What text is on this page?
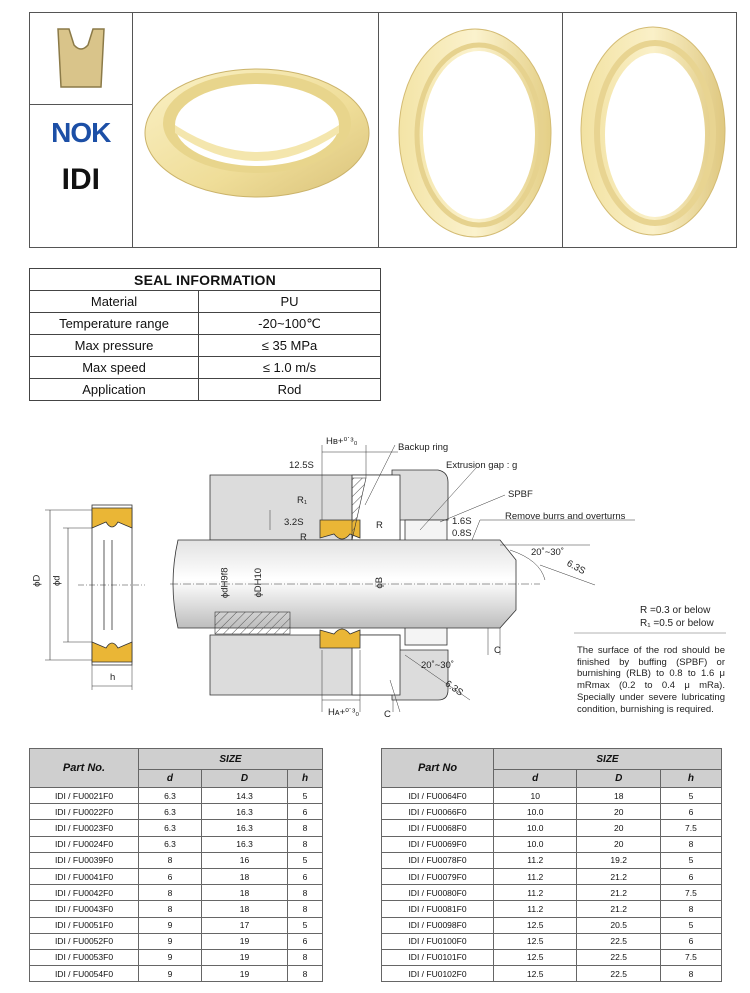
NOK
IDI
SEAL INFORMATION	
Material	PU
Temperature range	-20~100℃
Max pressure	≤ 35 MPa
Max speed	≤ 1.0 m/s
Application	Rod
ϕD ϕd
h
Hʙ+⁰˙³₀
12.5S
Backup ring
Extrusion gap : g
SPBF
Remove burrs and overturns
R₁
R
R
3.2S	1.6S
0.8S
20˚~30˚
6.3S
20˚~30˚
6.3S
C
C
Hᴀ+⁰˙³₀
ϕdH9f8 ϕDH10	ϕB
R =0.3 or below
R₁ =0.5 or below
The surface of the rod should be finished by buffing (SPBF) or burnishing (RLB) to 0.8 to 1.6 μ mRmax (0.2 to 0.4 μ mRa). Specially under severe lubricating condition, burnishing is required.
Part No.	SIZE		
	d	D	h
IDI / FU0021F0	6.3	14.3	5
IDI / FU0022F0	6.3	16.3	6
IDI / FU0023F0	6.3	16.3	8
IDI / FU0024F0	6.3	16.3	8
IDI / FU0039F0	8	16	5
IDI / FU0041F0	6	18	6
IDI / FU0042F0	8	18	8
IDI / FU0043F0	8	18	8
IDI / FU0051F0	9	17	5
IDI / FU0052F0	9	19	6
IDI / FU0053F0	9	19	8
IDI / FU0054F0	9	19	8
Part No	SIZE		
	d	D	h
IDI / FU0064F0	10	18	5
IDI / FU0066F0	10.0	20	6
IDI / FU0068F0	10.0	20	7.5
IDI / FU0069F0	10.0	20	8
IDI / FU0078F0	11.2	19.2	5
IDI / FU0079F0	11.2	21.2	6
IDI / FU0080F0	11.2	21.2	7.5
IDI / FU0081F0	11.2	21.2	8
IDI / FU0098F0	12.5	20.5	5
IDI / FU0100F0	12.5	22.5	6
IDI / FU0101F0	12.5	22.5	7.5
IDI / FU0102F0	12.5	22.5	8
